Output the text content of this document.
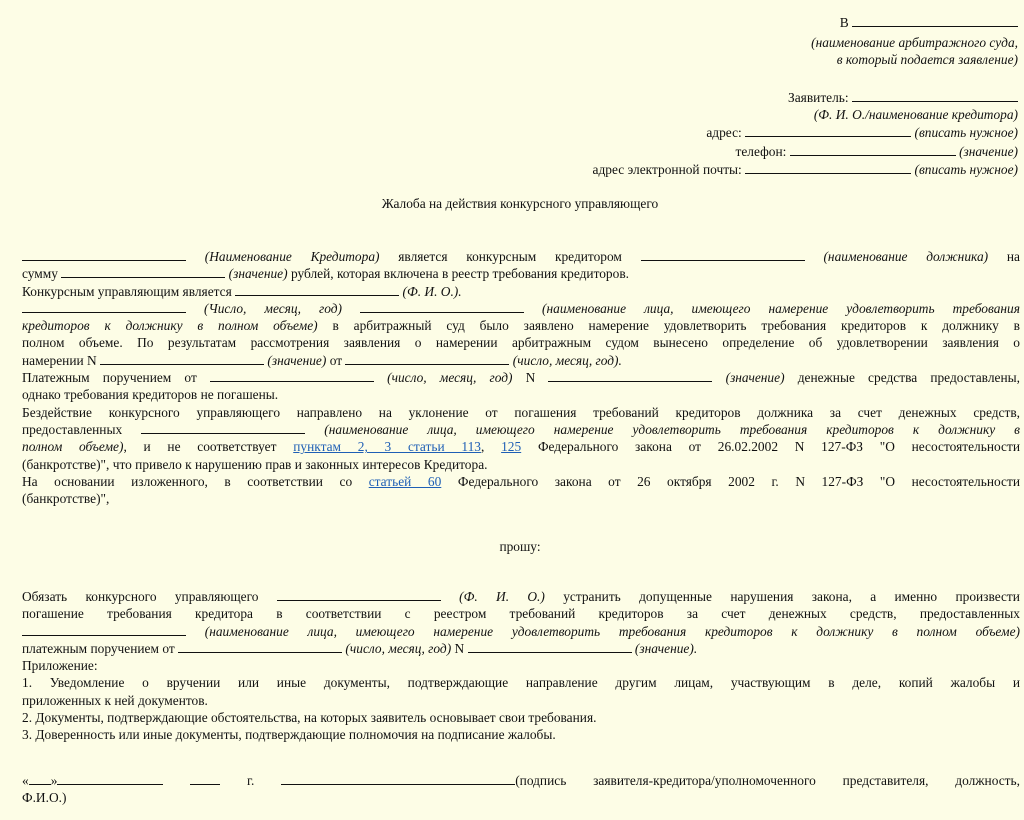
В
(наименование арбитражного суда,
в который подается заявление)
Заявитель:
(Ф. И. О./наименование кредитора)
адрес:	(вписать нужное)
телефон:	(значение)
адрес электронной почты:	(вписать нужное)
Жалоба на действия конкурсного управляющего

(Наименование Кредитора) является конкурсным кредитором	(наименование должника) на

сумму	(значение) рублей, которая включена в реестр требования кредиторов.

Конкурсным управляющим является	(Ф. И. О.).

(Число, месяц, год)	(наименование лица, имеющего намерение удовлетворить требования

кредиторов к должнику в полном объеме) в арбитражный суд было заявлено намерение удовлетворить требования кредиторов к должнику в

полном объеме. По результатам рассмотрения заявления о намерении арбитражным судом вынесено определение об удовлетворении заявления о

намерении N	(значение) от	(число, месяц, год).

Платежным поручением от	(число, месяц, год) N	(значение) денежные средства предоставлены,

однако требования кредиторов не погашены.

Бездействие конкурсного управляющего направлено на уклонение от погашения требований кредиторов должника за счет денежных средств,

предоставленных	(наименование лица, имеющего намерение удовлетворить требования кредиторов к должнику в

полном объеме), и не соответствует пунктам 2, 3 статьи 113, 125 Федерального закона от 26.02.2002 N 127-ФЗ "О несостоятельности

(банкротстве)", что привело к нарушению прав и законных интересов Кредитора.

На основании изложенного, в соответствии со статьей 60 Федерального закона от 26 октября 2002 г. N 127-ФЗ "О несостоятельности

(банкротстве)",

прошу:

Обязать конкурсного управляющего	(Ф. И. О.) устранить допущенные нарушения закона, а именно произвести

погашение требования кредитора в соответствии с реестром требований кредиторов за счет денежных средств, предоставленных

(наименование лица, имеющего намерение удовлетворить требования кредиторов к должнику в полном объеме)

платежным поручением от	(число, месяц, год) N	(значение).

Приложение:

1. Уведомление о вручении или иные документы, подтверждающие направление другим лицам, участвующим в деле, копий жалобы и

приложенных к ней документов.

2. Документы, подтверждающие обстоятельства, на которых заявитель основывает свои требования.

3. Доверенность или иные документы, подтверждающие полномочия на подписание жалобы.

« »	г.	(подпись заявителя-кредитора/уполномоченного представителя, должность,

Ф.И.О.)
